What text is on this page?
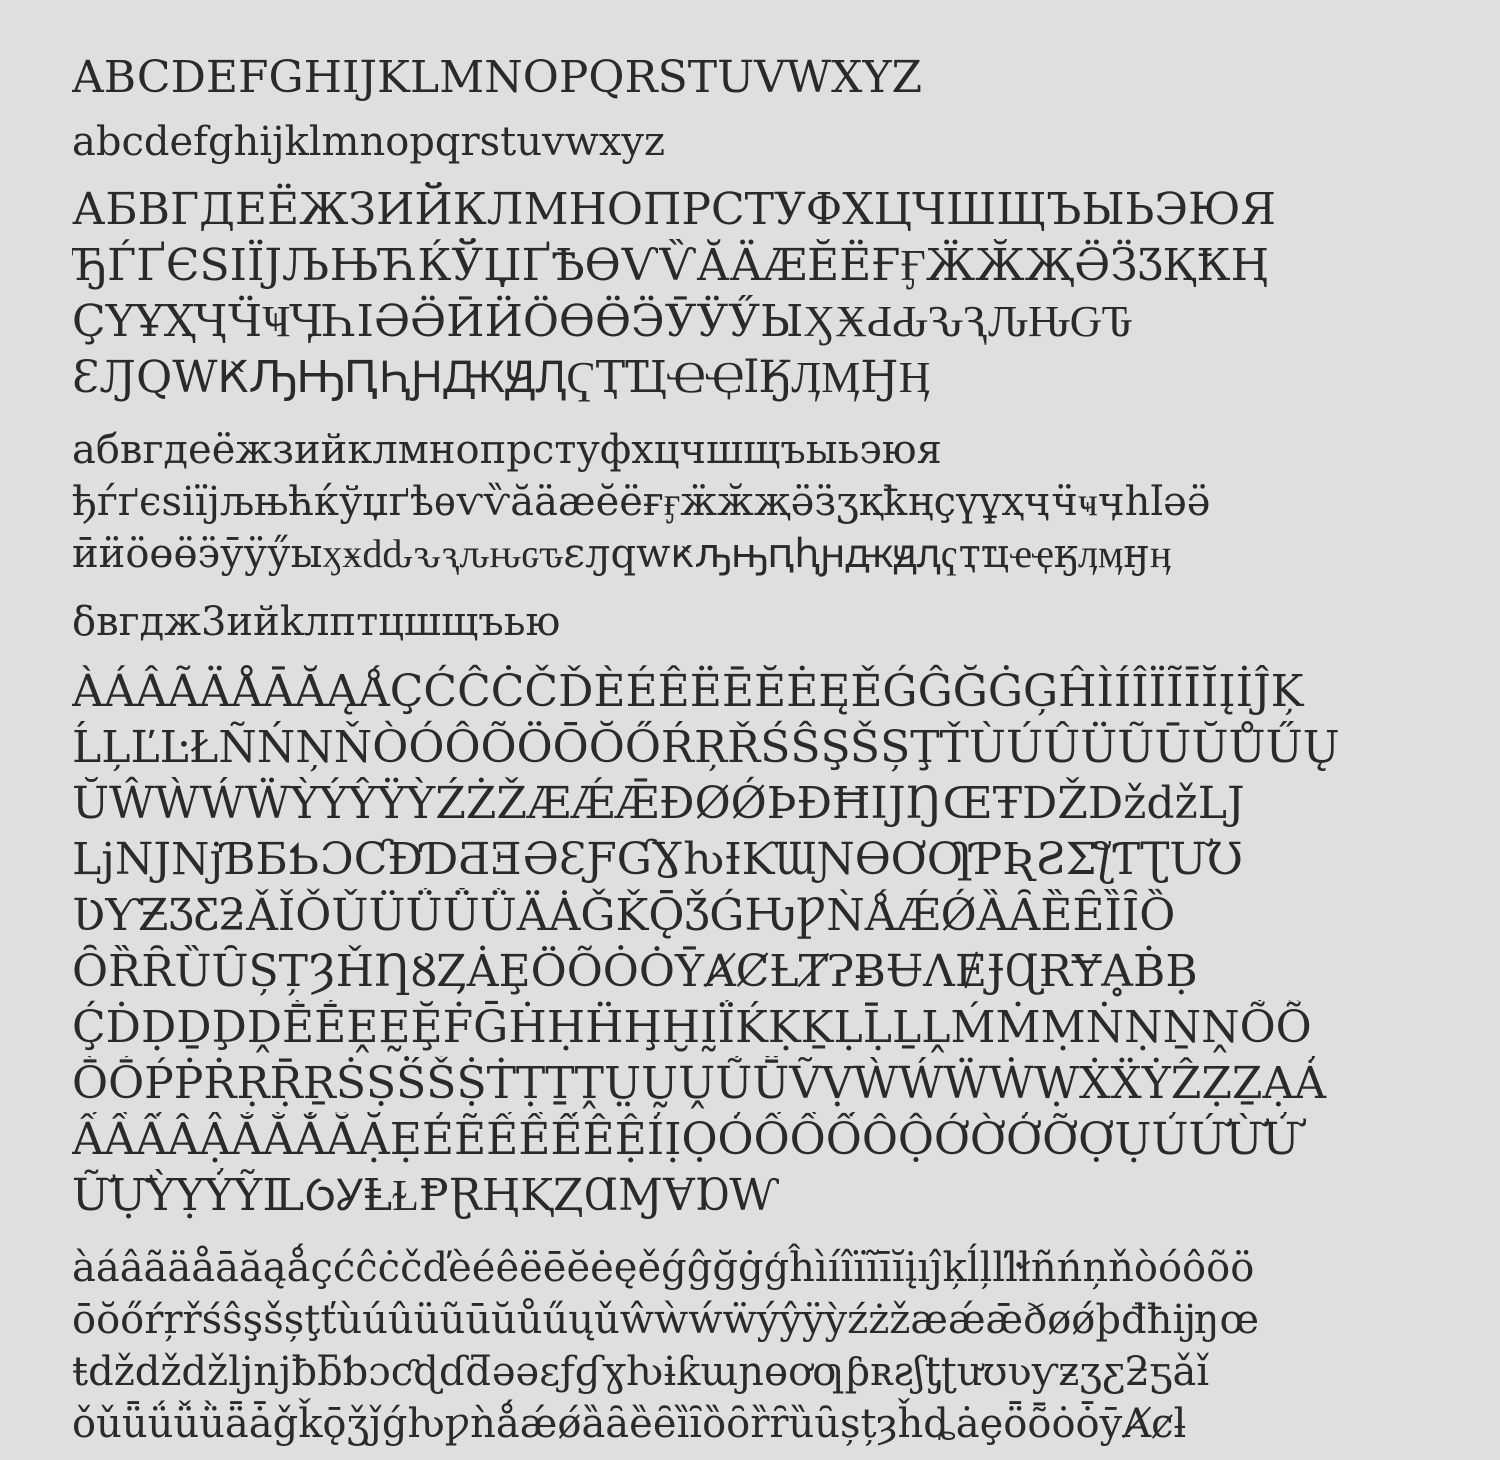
ABCDEFGHIJKLMNOPQRSTUVWXYZ
abcdefghijklmnopqrstuvwxyz
АБВГДЕЁЖЗИЙКЛМНОПРСТУФХЦЧШЩЪЫЬЭЮЯ
ЂЃҐЄЅІЇЈЉЊЋЌЎЏҐѢѲѴѶӐӒӔӖЁҒӺӜӁҖӚӞӠҚҞҢ
ҪҮҰҲҶӴҸӋҺӀӘӚӢӤӦӨӪӬӮӰӲЫӼӾԀԂԄԆԈԊԌԎ
ԐԒԚԜԞԠԢԤԦԨԪԬԮҀҬҴҼҾӏӃӅӍӇӉ
абвгдеёжзийклмнопрстуфхцчшщъыьэюя
ђѓґєѕіїјљњћќўџґѣѳѵѷӑӓӕӗёғӻӝӂҗӛӟӡқҟңҫүұҳҷӵҹӌһӏәӛ
ӣӥӧөӫӭӯӱӳыӽӿԁԃԅԇԉԋԍԏԑԓԛԝԟԡԣԥԧԩԫԭԯҁҭҵҽҿӄӆӎӈӊ
δвгдж3ийkлптцшщъью
ÀÁÂÃÄÅĀĂĄǺÇĆĈĊČĎÈÉÊËĒĔĖĘĚǴĜĞĠĢĤÌÍÎÏĨĪĬĮİĴĶ
ĹĻĽĿŁÑŃŅŇÒÓÔÕÖŌŎŐŔŖŘŚŜŞŠȘŢŤÙÚÛÜŨŪŬŮŰŲ
ŬŴẀẂẄỲÝŶŸỲŹŻŽÆǼǢĐØǾÞĐĦĲŊŒŦǄǅǆǇ
ǈǊǋƁƂƄƆƇƉƊƋƎƏƐƑƓƔƕƗƘƜƝƟƠƢƤƦƧƩƪƬƮƯƱ
ƲƳƵƷƸƻǍǏǑǓǕǗǙǛǞǠǦǨǬǮǴǶǷǸǺǼǾȀȂȄȆȈȊȌ
ȎȐȒȔȖȘȚȜȞȠȢȤȦȨȪȬȮȰȲȺȻȽȾɁɃɄɅɆɈɊɌɎḀḂḄ
ḈḊḌḎḐḒḔḖḘḚḜḞḠḢḤḦḨḪḬḮḰḲḴḶḸḺḼḾṀṂṄṆṈṊṌṎ
ṐṒṔṖṘṚṜṞṠṢṤṦṨṪṬṮṰṲṴṶṸṺṼṾẀẂẄẆẈẊẌẎẐẒẔẠẢ
ẤẦẨẪẬẮẰẲẴẶẸẺẼẾỀỂỄỆỈỊỌỎỐỒỔỖỘỚỜỞỠỢỤỦỨỪỬ
ỮỰỲỴỶỸỺỼỾⱠⱢⱣⱤⱧⱩⱫⱭⱮⱯⱰⱲ
àáâãäåāăąǻçćĉċčďèéêëēĕėęěǵĝğġģĥìíîïĩīĭįıĵķĺļľŀłñńņňòóôõö
ōŏőŕŗřśŝşšșţťùúûüũūŭůűųǔŵẁẃẅýŷÿỳźżžæǽǣðøǿþđħĳŋœ
ŧǆǆǆǉǌƀƃƅɔƈɖɗƌǝəɛƒɠɣƕɨƙɯɲɵơƣƥʀƨʃƫʈưʊʋƴƶʒƹƻƽǎǐ
ǒǔǖǘǚǜǟǡǧǩǭǯǰǵƕƿǹǻǽǿȁȃȅȇȉȋȍȏȑȓȕȗșțȝȟȡȧȩȫȭȯȱȳȺȼƚ
